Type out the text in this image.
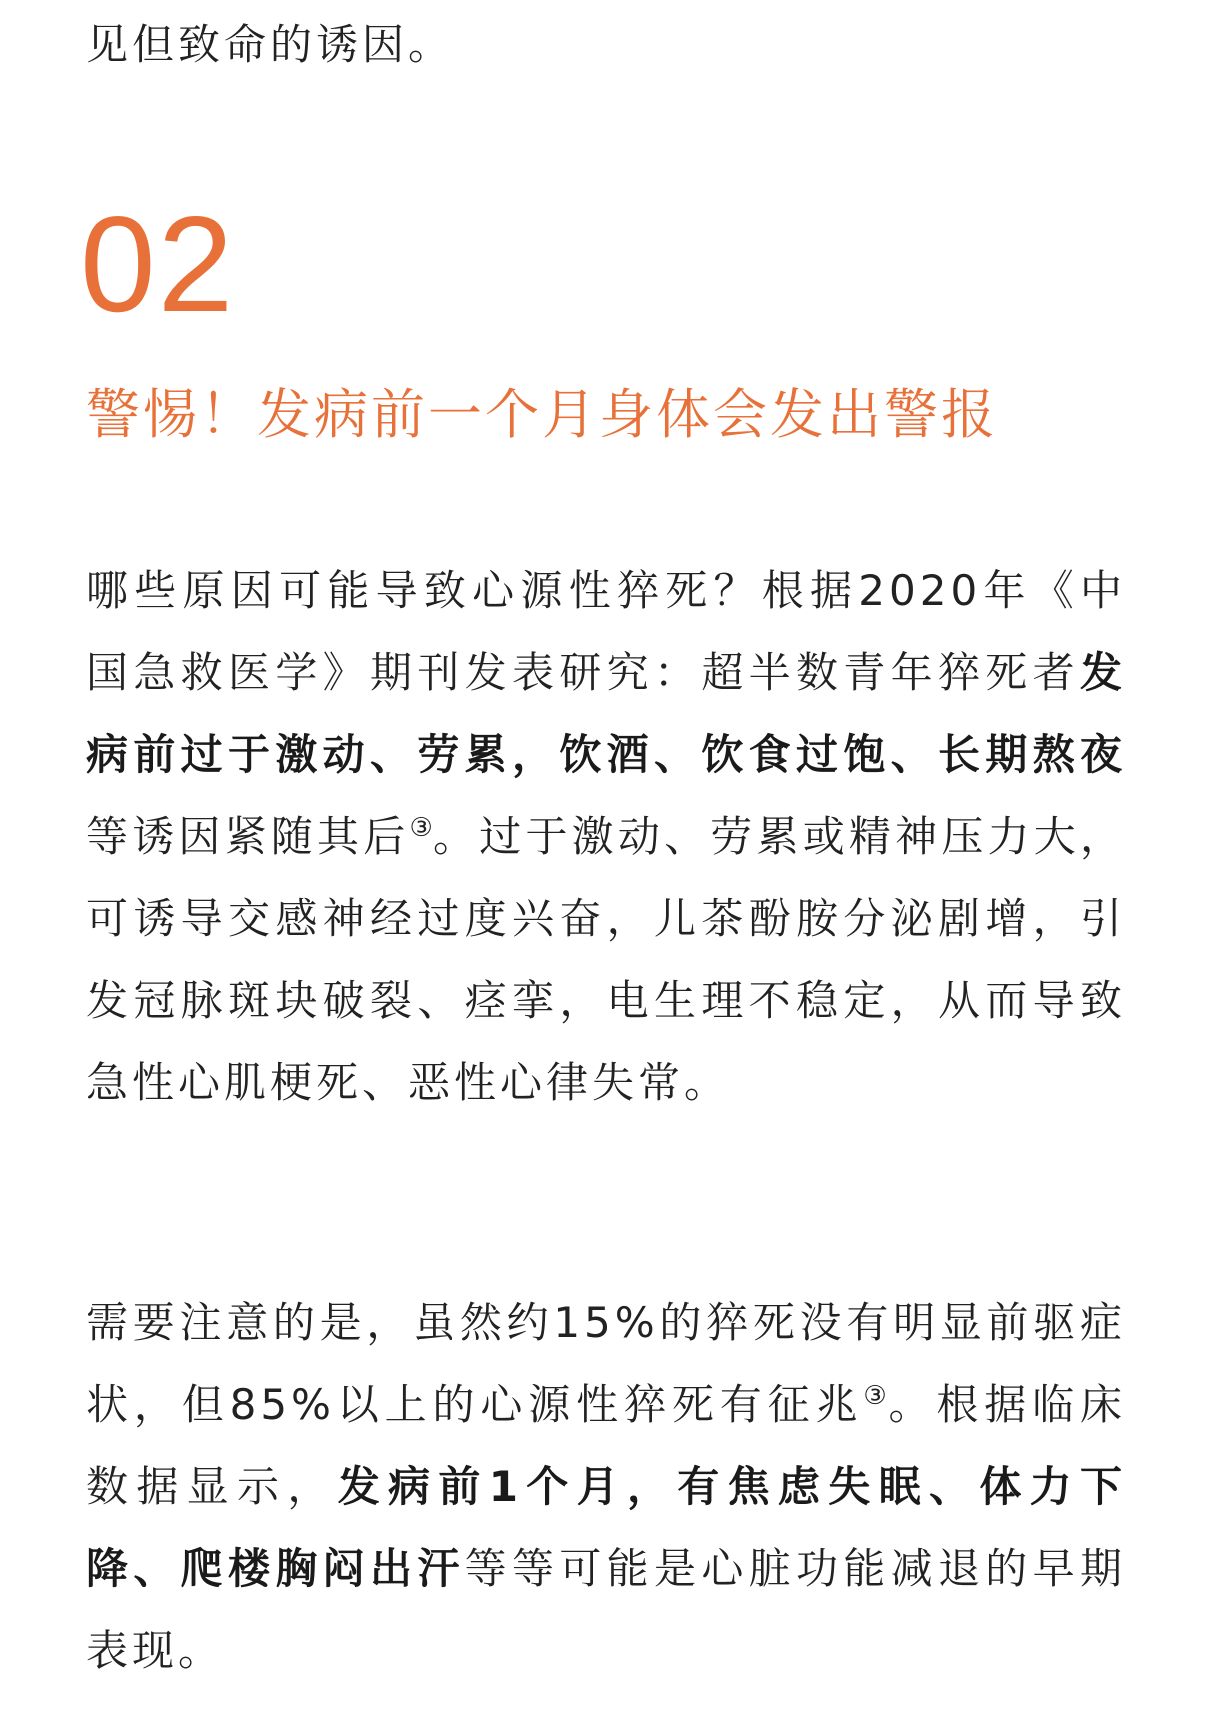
见但致命的诱因。

02
警惕！发病前一个月身体会发出警报

哪些原因可能导致心源性猝死？根据2020年《中国急救医学》期刊发表研究：超半数青年猝死者发病前过于激动、劳累，饮酒、饮食过饱、长期熬夜等诱因紧随其后③。过于激动、劳累或精神压力大，可诱导交感神经过度兴奋，儿茶酚胺分泌剧增，引发冠脉斑块破裂、痉挛，电生理不稳定，从而导致急性心肌梗死、恶性心律失常。

需要注意的是，虽然约15%的猝死没有明显前驱症状，但85%以上的心源性猝死有征兆③。根据临床数据显示，发病前1个月，有焦虑失眠、体力下降、爬楼胸闷出汗等等可能是心脏功能减退的早期表现。
